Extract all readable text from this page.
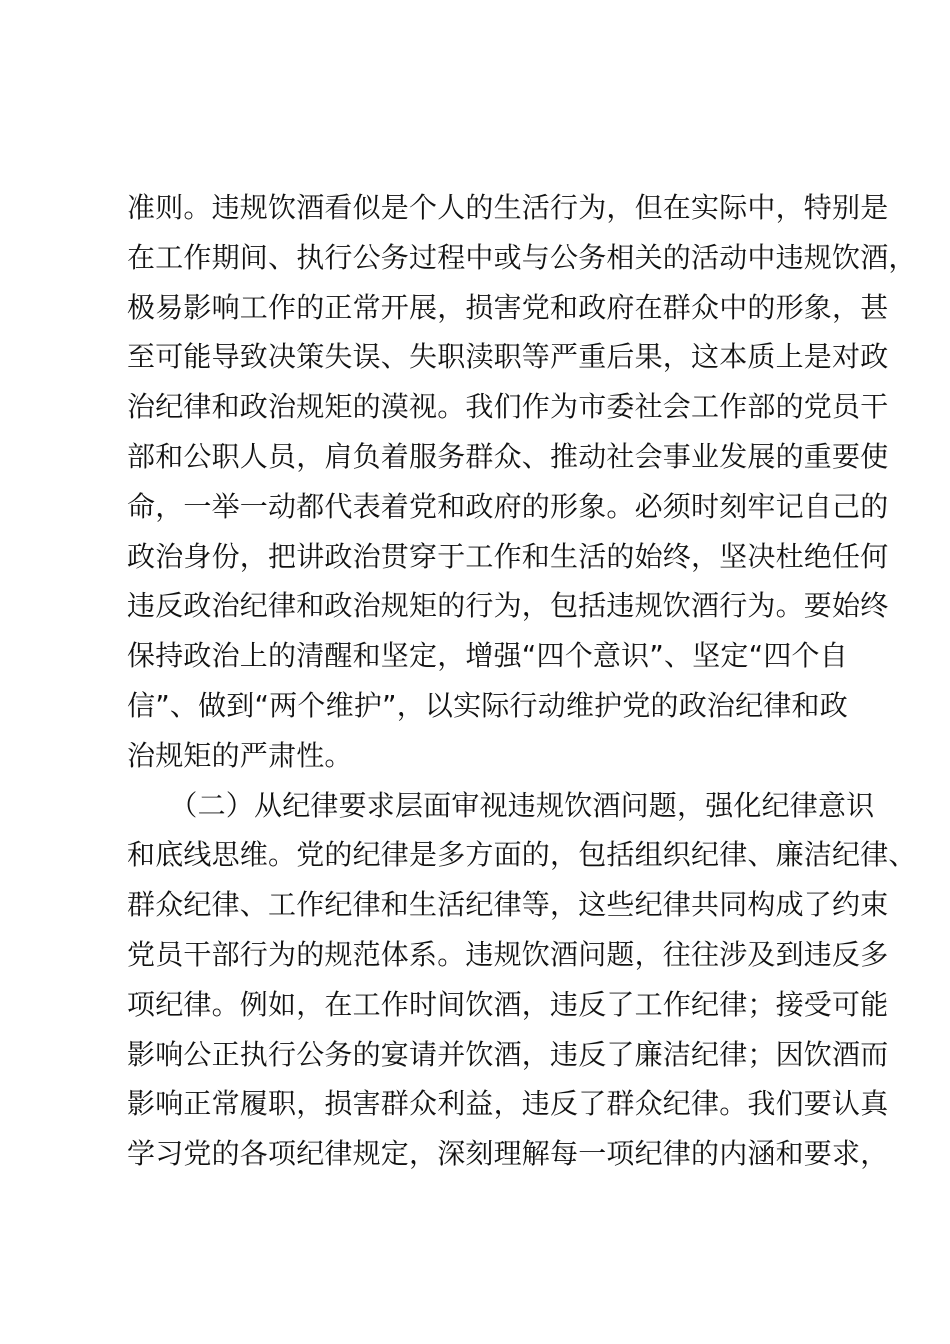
准则。违规饮酒看似是个人的生活行为，但在实际中，特别是
在工作期间、执行公务过程中或与公务相关的活动中违规饮酒，
极易影响工作的正常开展，损害党和政府在群众中的形象，甚
至可能导致决策失误、失职渎职等严重后果，这本质上是对政
治纪律和政治规矩的漠视。我们作为市委社会工作部的党员干
部和公职人员，肩负着服务群众、推动社会事业发展的重要使
命，一举一动都代表着党和政府的形象。必须时刻牢记自己的
政治身份，把讲政治贯穿于工作和生活的始终，坚决杜绝任何
违反政治纪律和政治规矩的行为，包括违规饮酒行为。要始终
保持政治上的清醒和坚定，增强“四个意识”、坚定“四个自
信”、做到“两个维护”，以实际行动维护党的政治纪律和政
治规矩的严肃性。
　　（二）从纪律要求层面审视违规饮酒问题，强化纪律意识
和底线思维。党的纪律是多方面的，包括组织纪律、廉洁纪律、
群众纪律、工作纪律和生活纪律等，这些纪律共同构成了约束
党员干部行为的规范体系。违规饮酒问题，往往涉及到违反多
项纪律。例如，在工作时间饮酒，违反了工作纪律；接受可能
影响公正执行公务的宴请并饮酒，违反了廉洁纪律；因饮酒而
影响正常履职，损害群众利益，违反了群众纪律。我们要认真
学习党的各项纪律规定，深刻理解每一项纪律的内涵和要求，
